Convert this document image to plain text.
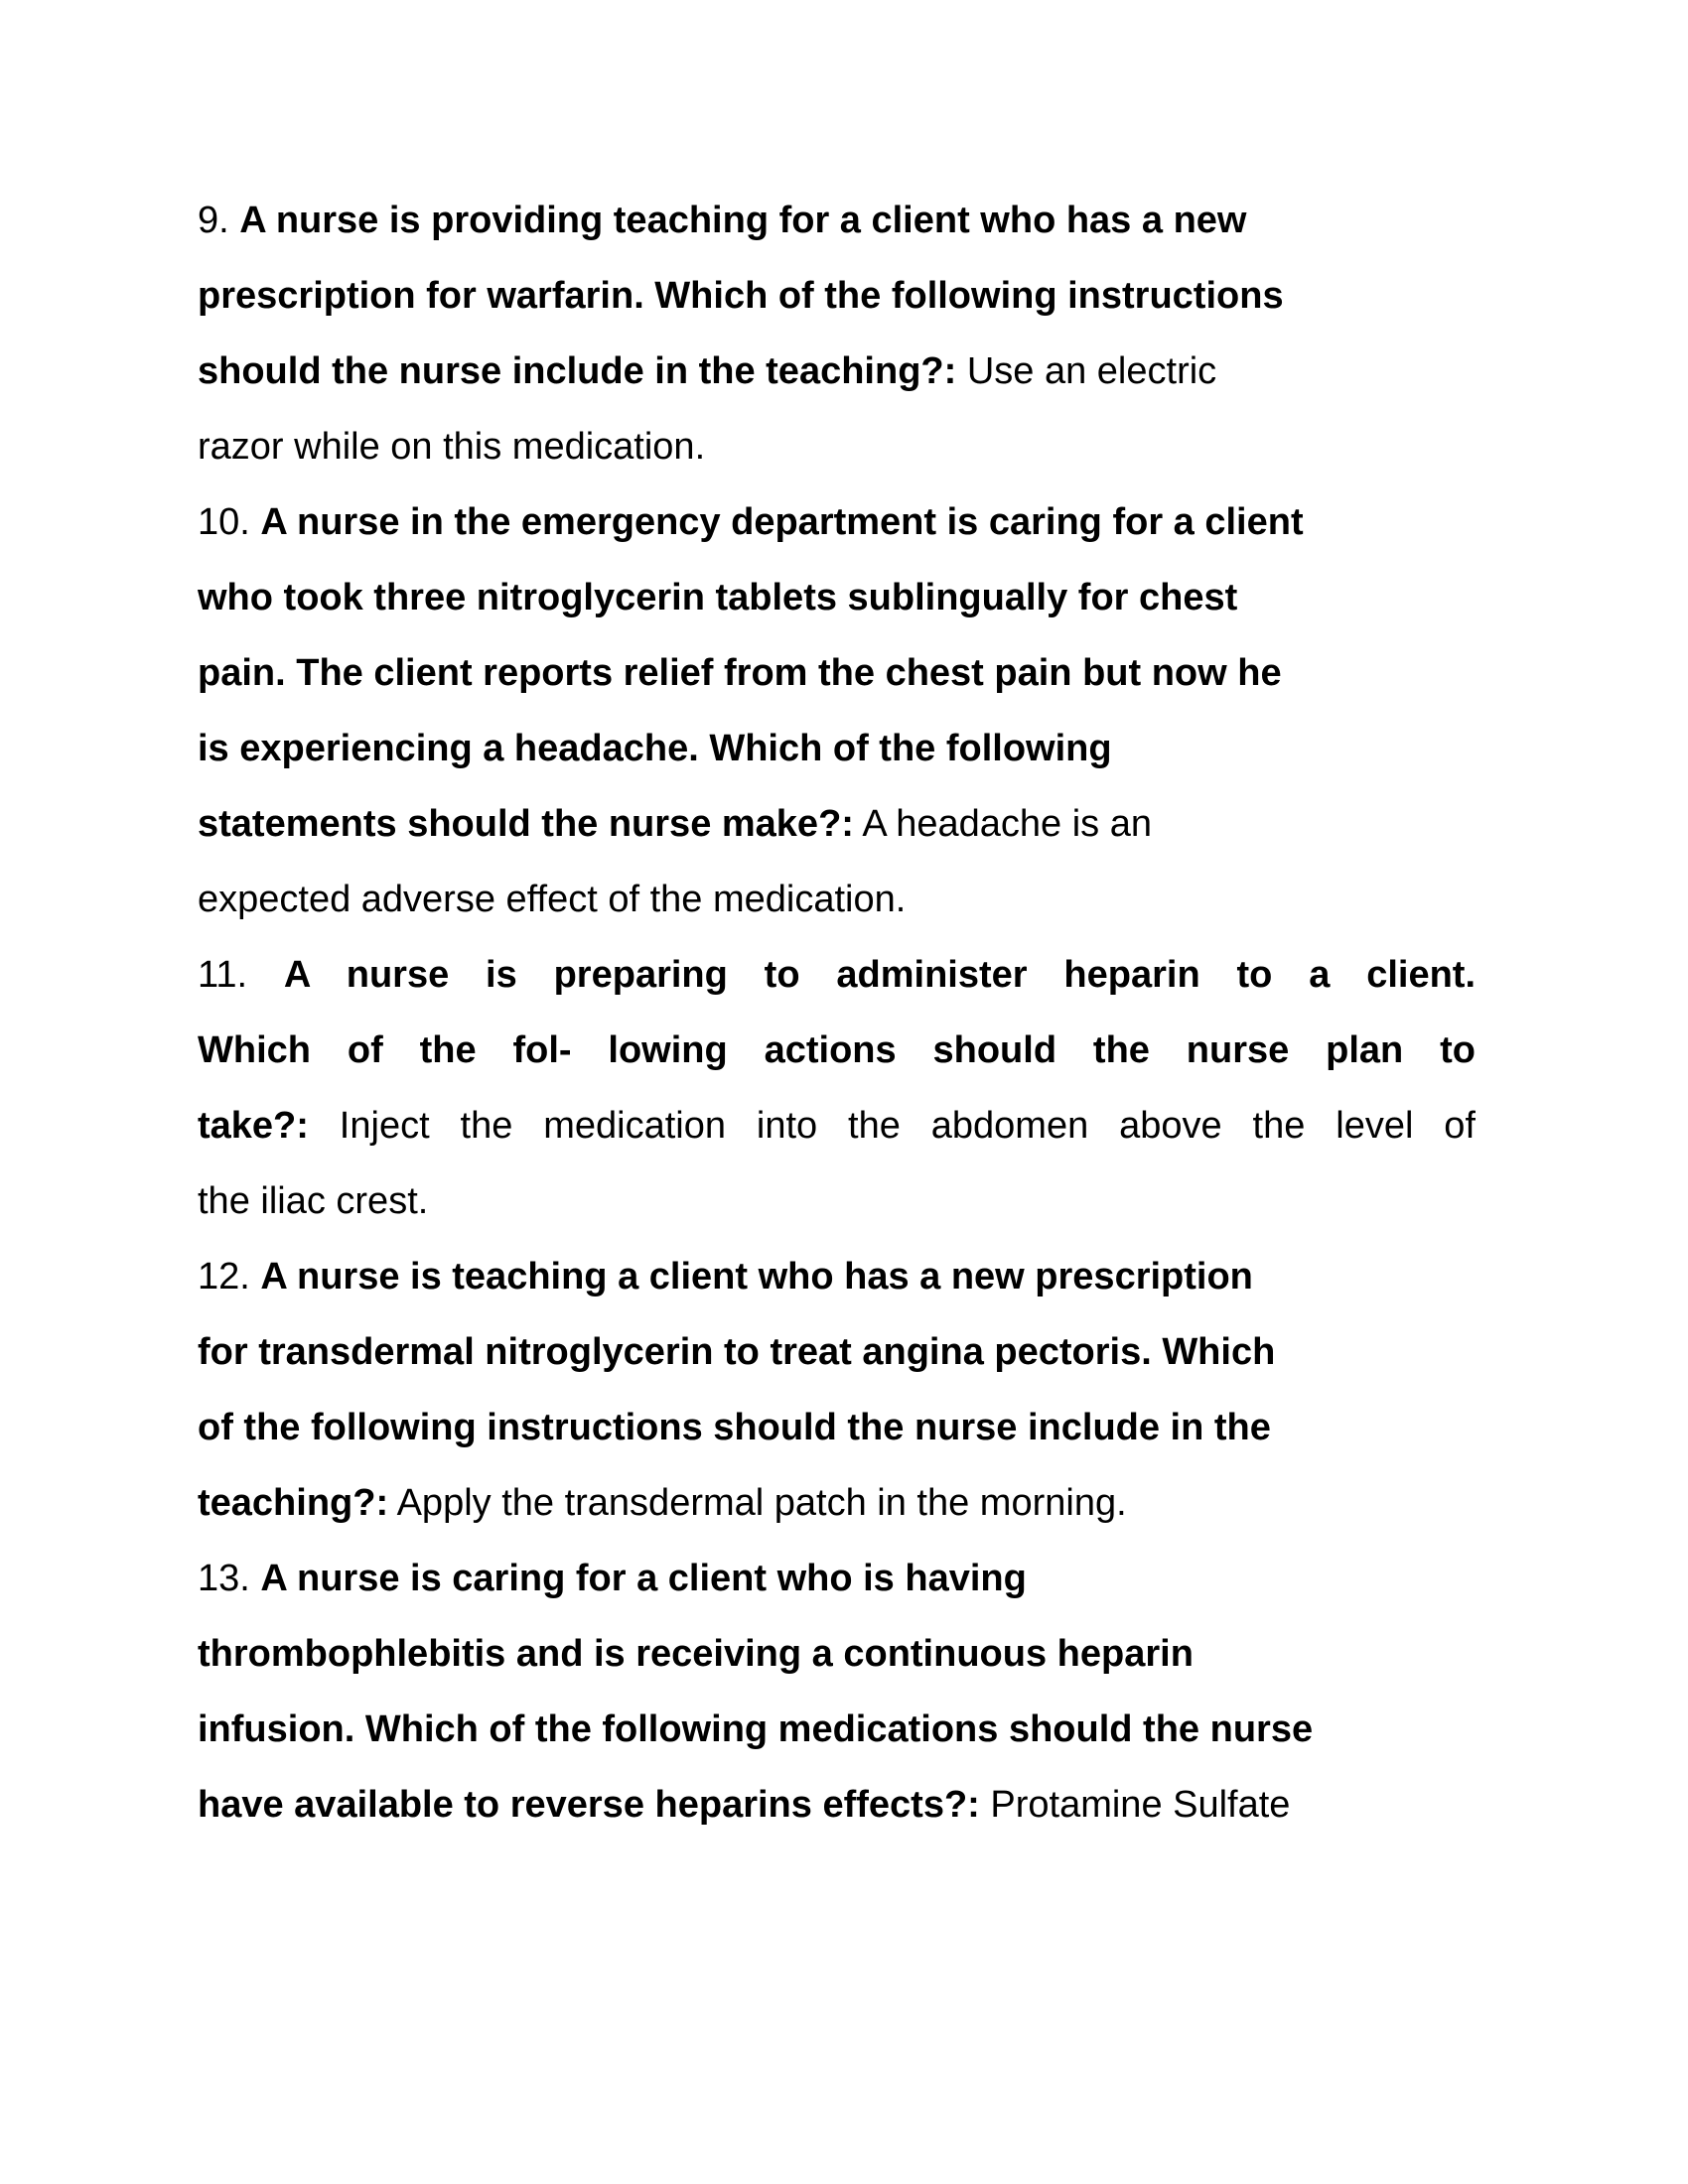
9. A nurse is providing teaching for a client who has a new
prescription for warfarin. Which of the following instructions
should the nurse include in the teaching?: Use an electric
razor while on this medication.
10. A nurse in the emergency department is caring for a client
who took three nitroglycerin tablets sublingually for chest
pain. The client reports relief from the chest pain but now he
is experiencing a headache. Which of the following
statements should the nurse make?: A headache is an
expected adverse effect of the medication.
11. A nurse is preparing to administer heparin to a client.
Which of the fol- lowing actions should the nurse plan to
take?: Inject the medication into the abdomen above the level of
the iliac crest.
12. A nurse is teaching a client who has a new prescription
for transdermal nitroglycerin to treat angina pectoris. Which
of the following instructions should the nurse include in the
teaching?: Apply the transdermal patch in the morning.
13. A nurse is caring for a client who is having
thrombophlebitis and is receiving a continuous heparin
infusion. Which of the following medications should the nurse
have available to reverse heparins effects?: Protamine Sulfate
